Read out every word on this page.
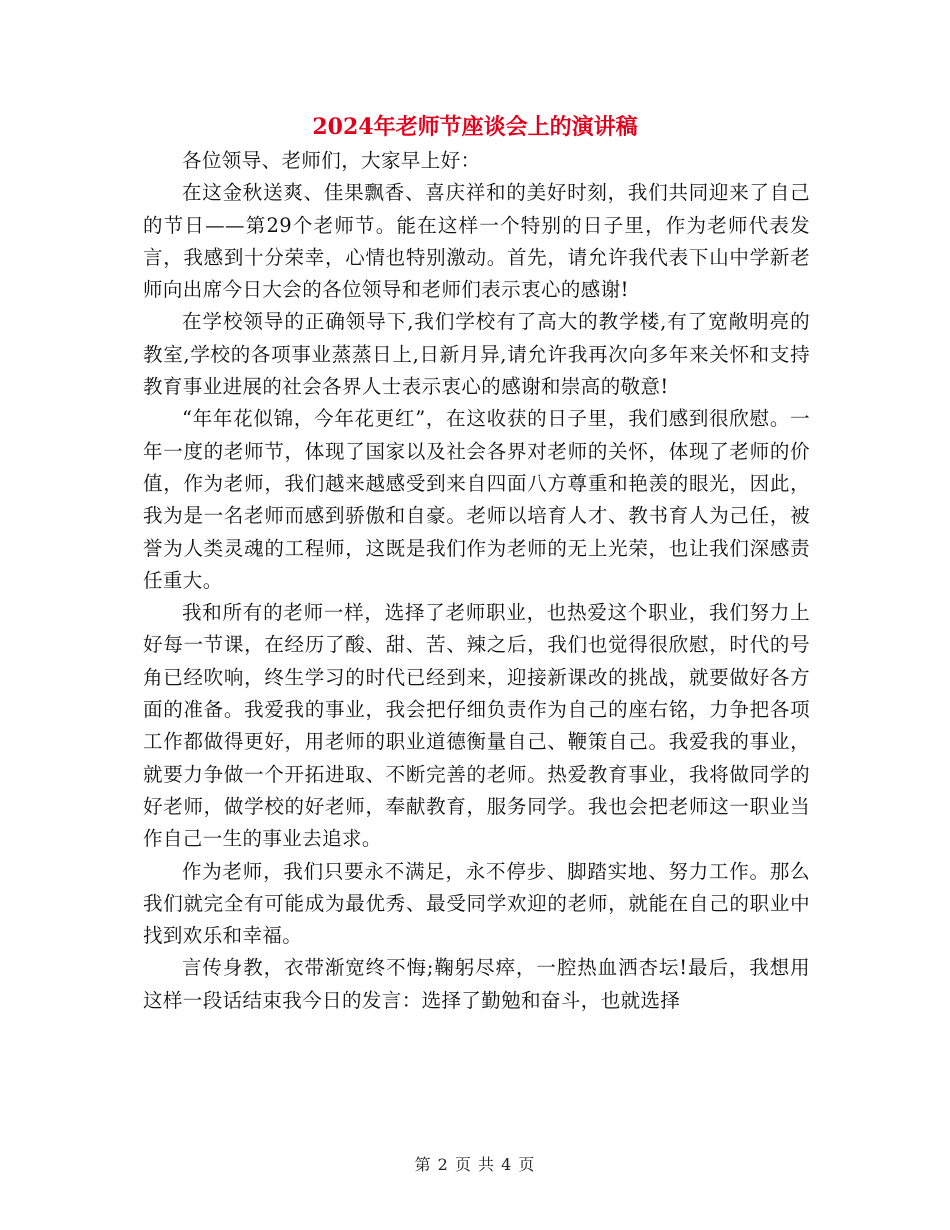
2024年老师节座谈会上的演讲稿

各位领导、老师们，大家早上好：

在这金秋送爽、佳果飘香、喜庆祥和的美好时刻，我们共同迎来了自己的节日——第29个老师节。能在这样一个特别的日子里，作为老师代表发言，我感到十分荣幸，心情也特别激动。首先，请允许我代表下山中学新老师向出席今日大会的各位领导和老师们表示衷心的感谢!

在学校领导的正确领导下,我们学校有了高大的教学楼,有了宽敞明亮的教室,学校的各项事业蒸蒸日上,日新月异,请允许我再次向多年来关怀和支持教育事业进展的社会各界人士表示衷心的感谢和崇高的敬意!

“年年花似锦，今年花更红”，在这收获的日子里，我们感到很欣慰。一年一度的老师节，体现了国家以及社会各界对老师的关怀，体现了老师的价值，作为老师，我们越来越感受到来自四面八方尊重和艳羡的眼光，因此，我为是一名老师而感到骄傲和自豪。老师以培育人才、教书育人为己任，被誉为人类灵魂的工程师，这既是我们作为老师的无上光荣，也让我们深感责任重大。

我和所有的老师一样，选择了老师职业，也热爱这个职业，我们努力上好每一节课，在经历了酸、甜、苦、辣之后，我们也觉得很欣慰，时代的号角已经吹响，终生学习的时代已经到来，迎接新课改的挑战，就要做好各方面的准备。我爱我的事业，我会把仔细负责作为自己的座右铭，力争把各项工作都做得更好，用老师的职业道德衡量自己、鞭策自己。我爱我的事业，就要力争做一个开拓进取、不断完善的老师。热爱教育事业，我将做同学的好老师，做学校的好老师，奉献教育，服务同学。我也会把老师这一职业当作自己一生的事业去追求。

作为老师，我们只要永不满足，永不停步、脚踏实地、努力工作。那么我们就完全有可能成为最优秀、最受同学欢迎的老师，就能在自己的职业中找到欢乐和幸福。

言传身教，衣带渐宽终不悔;鞠躬尽瘁，一腔热血洒杏坛!最后，我想用这样一段话结束我今日的发言：选择了勤勉和奋斗，也就选择

第 2 页 共 4 页
